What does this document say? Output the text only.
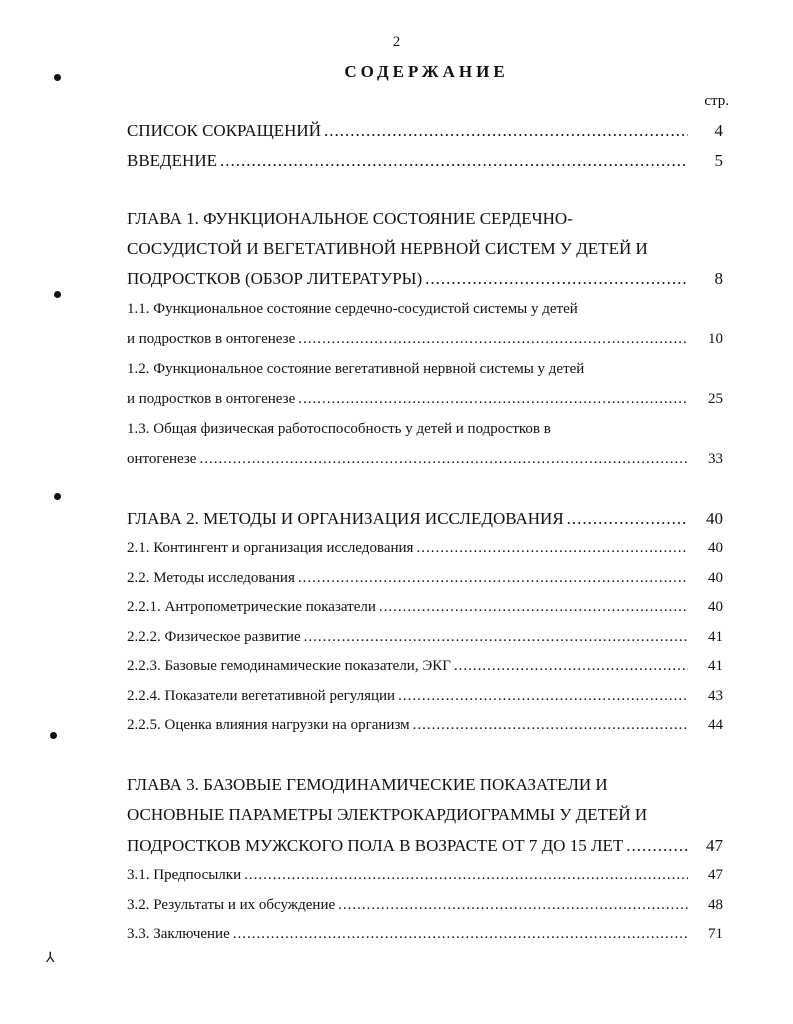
2
СОДЕРЖАНИЕ
стр.
СПИСОК СОКРАЩЕНИЙ .....	4
ВВЕДЕНИЕ .....	5
ГЛАВА 1. ФУНКЦИОНАЛЬНОЕ СОСТОЯНИЕ СЕРДЕЧНО-
СОСУДИСТОЙ И ВЕГЕТАТИВНОЙ НЕРВНОЙ СИСТЕМ У ДЕТЕЙ И
ПОДРОСТКОВ (ОБЗОР ЛИТЕРАТУРЫ) .....	8
1.1. Функциональное состояние сердечно-сосудистой системы у детей
и подростков в онтогенезе .....	10
1.2. Функциональное состояние вегетативной нервной системы у детей
и подростков в онтогенезе .....	25
1.3. Общая физическая работоспособность у детей и подростков в
онтогенезе .....	33
ГЛАВА 2. МЕТОДЫ И ОРГАНИЗАЦИЯ ИССЛЕДОВАНИЯ .....	40
2.1. Контингент и организация исследования .....	40
2.2. Методы исследования .....	40
2.2.1. Антропометрические показатели .....	40
2.2.2. Физическое развитие .....	41
2.2.3. Базовые гемодинамические показатели, ЭКГ .....	41
2.2.4. Показатели вегетативной регуляции .....	43
2.2.5. Оценка влияния нагрузки на организм .....	44
ГЛАВА 3. БАЗОВЫЕ ГЕМОДИНАМИЧЕСКИЕ ПОКАЗАТЕЛИ И
ОСНОВНЫЕ ПАРАМЕТРЫ ЭЛЕКТРОКАРДИОГРАММЫ У ДЕТЕЙ И
ПОДРОСТКОВ МУЖСКОГО ПОЛА В ВОЗРАСТЕ ОТ 7 ДО 15 ЛЕТ .....	47
3.1. Предпосылки .....	47
3.2. Результаты и их обсуждение .....	48
3.3. Заключение .....	71
⅄
